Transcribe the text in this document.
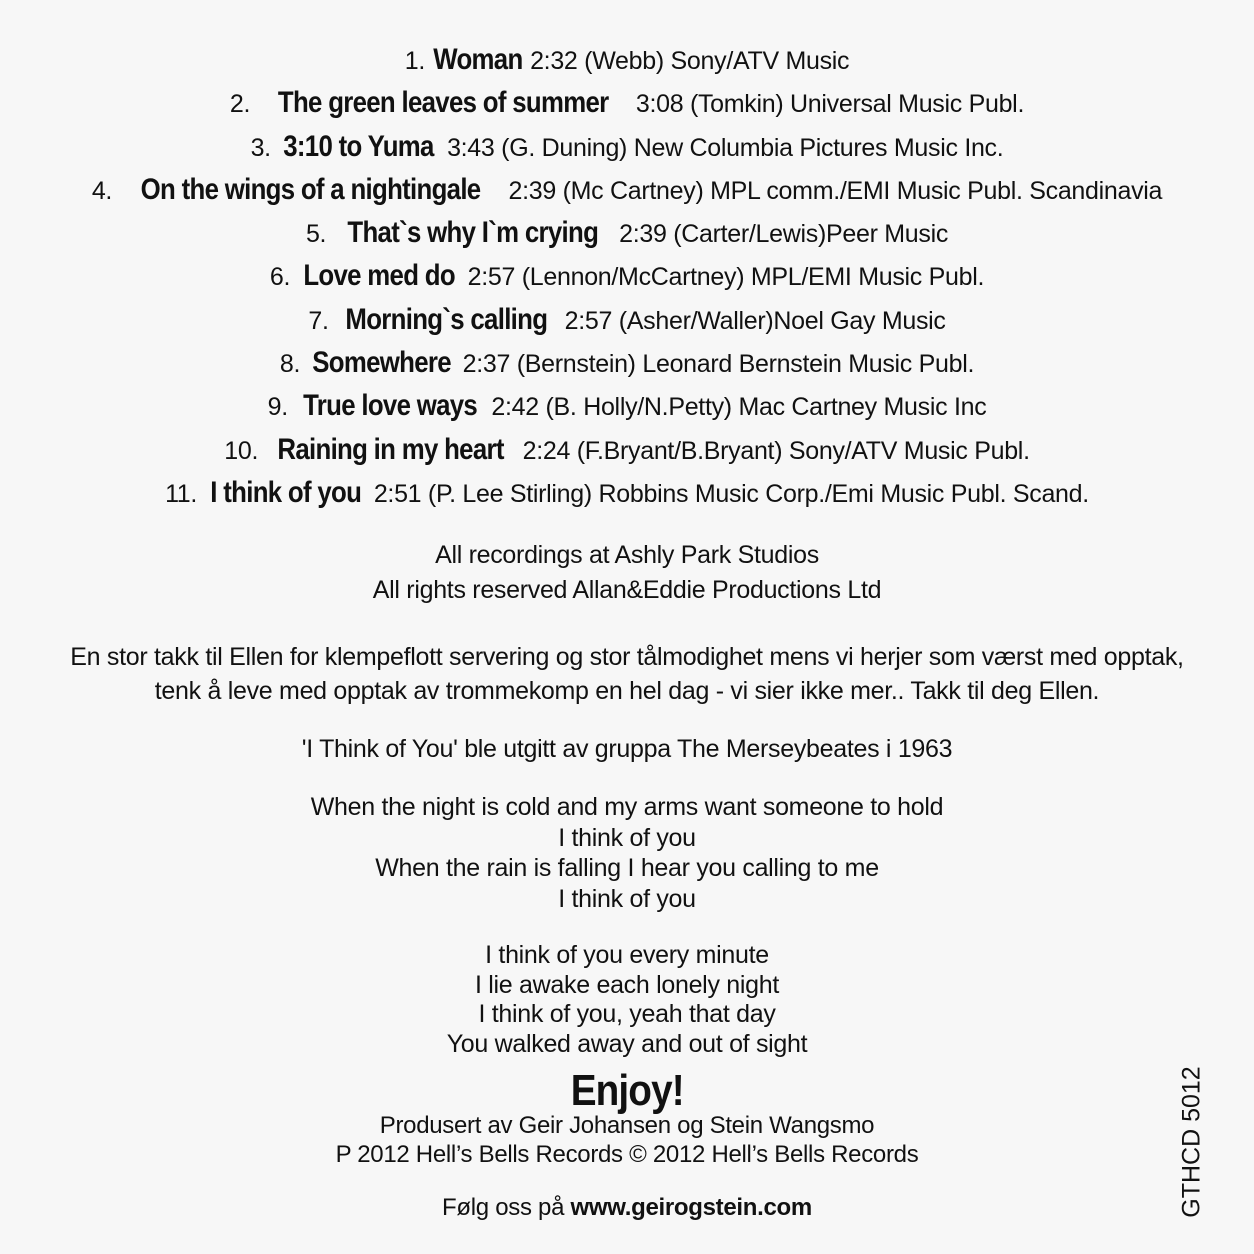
1. Woman 2:32 (Webb) Sony/ATV Music
2. The green leaves of summer 3:08 (Tomkin) Universal Music Publ.
3. 3:10 to Yuma 3:43 (G. Duning) New Columbia Pictures Music Inc.
4. On the wings of a nightingale 2:39 (Mc Cartney) MPL comm./EMI Music Publ. Scandinavia
5. That`s why I`m crying 2:39 (Carter/Lewis)Peer Music
6. Love med do 2:57 (Lennon/McCartney) MPL/EMI Music Publ.
7. Morning`s calling 2:57 (Asher/Waller)Noel Gay Music
8. Somewhere 2:37 (Bernstein) Leonard Bernstein Music Publ.
9. True love ways 2:42 (B. Holly/N.Petty) Mac Cartney Music Inc
10. Raining in my heart 2:24 (F.Bryant/B.Bryant) Sony/ATV Music Publ.
11. I think of you 2:51 (P. Lee Stirling) Robbins Music Corp./Emi Music Publ. Scand.
All recordings at Ashly Park Studios
All rights reserved Allan&Eddie Productions Ltd
En stor takk til Ellen for klempeflott servering og stor tålmodighet mens vi herjer som værst med opptak,
tenk å leve med opptak av trommekomp en hel dag - vi sier ikke mer.. Takk til deg Ellen.
'I Think of You' ble utgitt av gruppa The Merseybeates i 1963
When the night is cold and my arms want someone to hold
I think of you
When the rain is falling I hear you calling to me
I think of you
I think of you every minute
I lie awake each lonely night
I think of you, yeah that day
You walked away and out of sight
Enjoy!
Produsert av Geir Johansen og Stein Wangsmo
P 2012 Hell’s Bells Records © 2012 Hell’s Bells Records
Følg oss på www.geirogstein.com	GTHCD 5012
